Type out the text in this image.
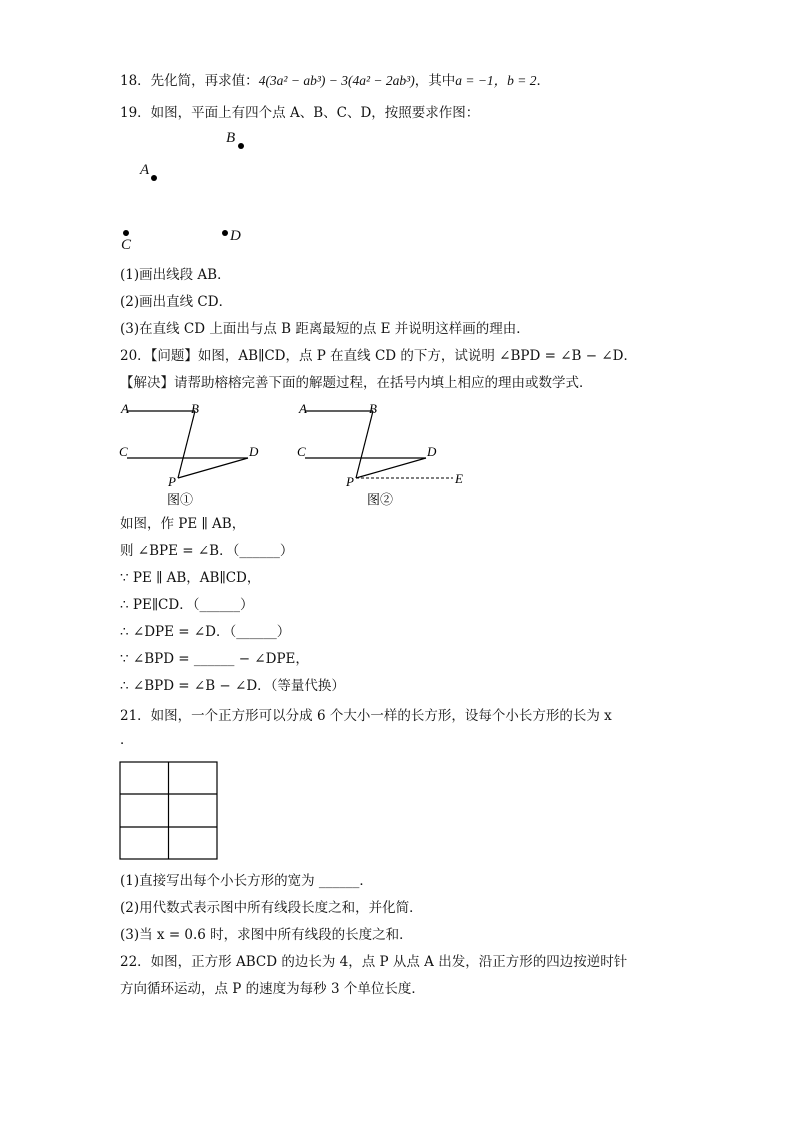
18．先化简，再求值：4(3a² − ab³) − 3(4a² − 2ab³)，其中a = −1，b = 2．
19．如图，平面上有四个点 A、B、C、D，按照要求作图：
B
A
C
D
(1)画出线段 AB．
(2)画出直线 CD．
(3)在直线 CD 上面出与点 B 距离最短的点 E 并说明这样画的理由．
20．【问题】如图，AB∥CD，点 P 在直线 CD 的下方，试说明 ∠BPD = ∠B − ∠D．
【解决】请帮助榕榕完善下面的解题过程，在括号内填上相应的理由或数学式．
A	B
C	D
P
图①
A	B
C	D
P	E
图②
如图，作 PE ∥ AB，
则 ∠BPE = ∠B．（______）
∵ PE ∥ AB，AB∥CD，
∴ PE∥CD．（______）
∴ ∠DPE = ∠D．（______）
∵ ∠BPD = ______ − ∠DPE，
∴ ∠BPD = ∠B − ∠D．（等量代换）
21．如图，一个正方形可以分成 6 个大小一样的长方形，设每个小长方形的长为 x
．
(1)直接写出每个小长方形的宽为 ______．
(2)用代数式表示图中所有线段长度之和，并化简．
(3)当 x = 0.6 时，求图中所有线段的长度之和．
22．如图，正方形 ABCD 的边长为 4，点 P 从点 A 出发，沿正方形的四边按逆时针
方向循环运动，点 P 的速度为每秒 3 个单位长度．
